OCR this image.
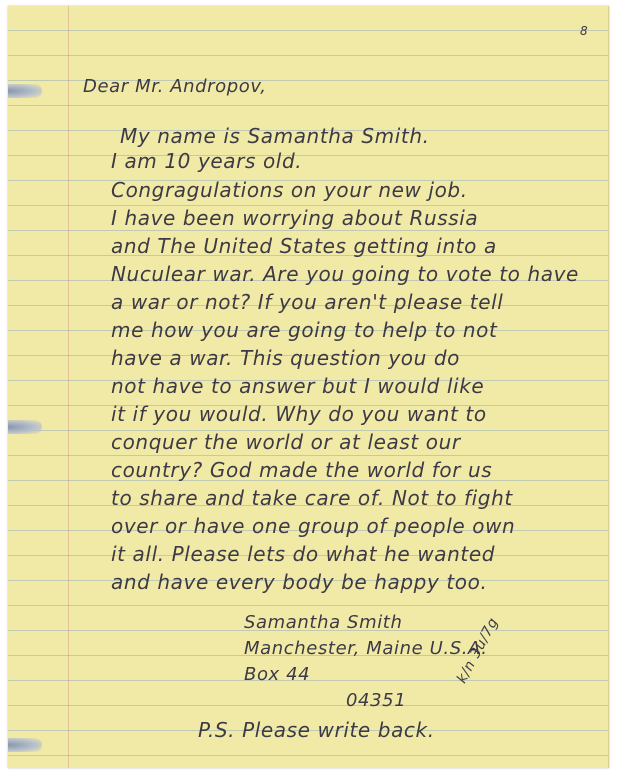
8
Dear Mr. Andropov,
My name is Samantha Smith.
I am 10 years old.
Congragulations on your new job.
I have been worrying about Russia
and The United States getting into a
Nuculear war. Are you going to vote to have
a war or not? If you aren't please tell
me how you are going to help to not
have a war. This question you do
not have to answer but I would like
it if you would. Why do you want to
conquer the world or at least our
country? God made the world for us
to share and take care of. Not to fight
over or have one group of people own
it all. Please lets do what he wanted
and have every body be happy too.
Samantha Smith
Manchester, Maine U.S.A.
Box 44
04351
k/n 3u/7g
P.S. Please write back.
